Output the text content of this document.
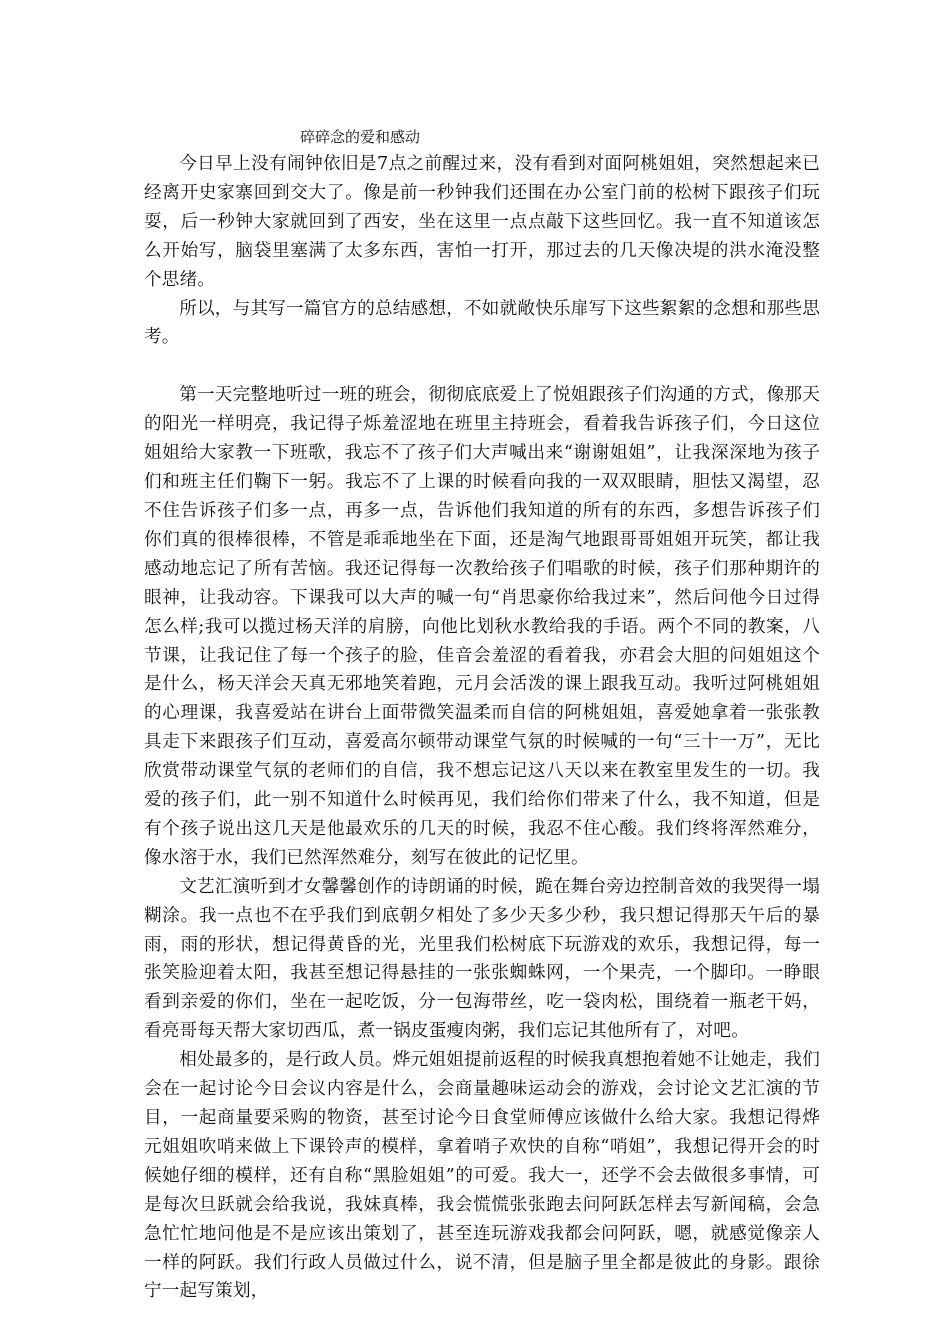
碎碎念的爱和感动

今日早上没有闹钟依旧是7点之前醒过来，没有看到对面阿桃姐姐，突然想起来已经离开史家寨回到交大了。像是前一秒钟我们还围在办公室门前的松树下跟孩子们玩耍，后一秒钟大家就回到了西安，坐在这里一点点敲下这些回忆。我一直不知道该怎么开始写，脑袋里塞满了太多东西，害怕一打开，那过去的几天像决堤的洪水淹没整个思绪。

所以，与其写一篇官方的总结感想，不如就敞快乐扉写下这些絮絮的念想和那些思考。

第一天完整地听过一班的班会，彻彻底底爱上了悦姐跟孩子们沟通的方式，像那天的阳光一样明亮，我记得子烁羞涩地在班里主持班会，看着我告诉孩子们，今日这位姐姐给大家教一下班歌，我忘不了孩子们大声喊出来“谢谢姐姐”，让我深深地为孩子们和班主任们鞠下一躬。我忘不了上课的时候看向我的一双双眼睛，胆怯又渴望，忍不住告诉孩子们多一点，再多一点，告诉他们我知道的所有的东西，多想告诉孩子们你们真的很棒很棒，不管是乖乖地坐在下面，还是淘气地跟哥哥姐姐开玩笑，都让我感动地忘记了所有苦恼。我还记得每一次教给孩子们唱歌的时候，孩子们那种期许的眼神，让我动容。下课我可以大声的喊一句“肖思豪你给我过来”，然后问他今日过得怎么样;我可以揽过杨天洋的肩膀，向他比划秋水教给我的手语。两个不同的教案，八节课，让我记住了每一个孩子的脸，佳音会羞涩的看着我，亦君会大胆的问姐姐这个是什么，杨天洋会天真无邪地笑着跑，元月会活泼的课上跟我互动。我听过阿桃姐姐的心理课，我喜爱站在讲台上面带微笑温柔而自信的阿桃姐姐，喜爱她拿着一张张教具走下来跟孩子们互动，喜爱高尔顿带动课堂气氛的时候喊的一句“三十一万”，无比欣赏带动课堂气氛的老师们的自信，我不想忘记这八天以来在教室里发生的一切。我爱的孩子们，此一别不知道什么时候再见，我们给你们带来了什么，我不知道，但是有个孩子说出这几天是他最欢乐的几天的时候，我忍不住心酸。我们终将浑然难分，像水溶于水，我们已然浑然难分，刻写在彼此的记忆里。

文艺汇演听到才女馨馨创作的诗朗诵的时候，跪在舞台旁边控制音效的我哭得一塌糊涂。我一点也不在乎我们到底朝夕相处了多少天多少秒，我只想记得那天午后的暴雨，雨的形状，想记得黄昏的光，光里我们松树底下玩游戏的欢乐，我想记得，每一张笑脸迎着太阳，我甚至想记得悬挂的一张张蜘蛛网，一个果壳，一个脚印。一睁眼看到亲爱的你们，坐在一起吃饭，分一包海带丝，吃一袋肉松，围绕着一瓶老干妈，看亮哥每天帮大家切西瓜，煮一锅皮蛋瘦肉粥，我们忘记其他所有了，对吧。

相处最多的，是行政人员。烨元姐姐提前返程的时候我真想抱着她不让她走，我们会在一起讨论今日会议内容是什么，会商量趣味运动会的游戏，会讨论文艺汇演的节目，一起商量要采购的物资，甚至讨论今日食堂师傅应该做什么给大家。我想记得烨元姐姐吹哨来做上下课铃声的模样，拿着哨子欢快的自称“哨姐”，我想记得开会的时候她仔细的模样，还有自称“黑脸姐姐”的可爱。我大一，还学不会去做很多事情，可是每次旦跃就会给我说，我妹真棒，我会慌慌张张跑去问阿跃怎样去写新闻稿，会急急忙忙地问他是不是应该出策划了，甚至连玩游戏我都会问阿跃，嗯，就感觉像亲人一样的阿跃。我们行政人员做过什么，说不清，但是脑子里全都是彼此的身影。跟徐宁一起写策划，
